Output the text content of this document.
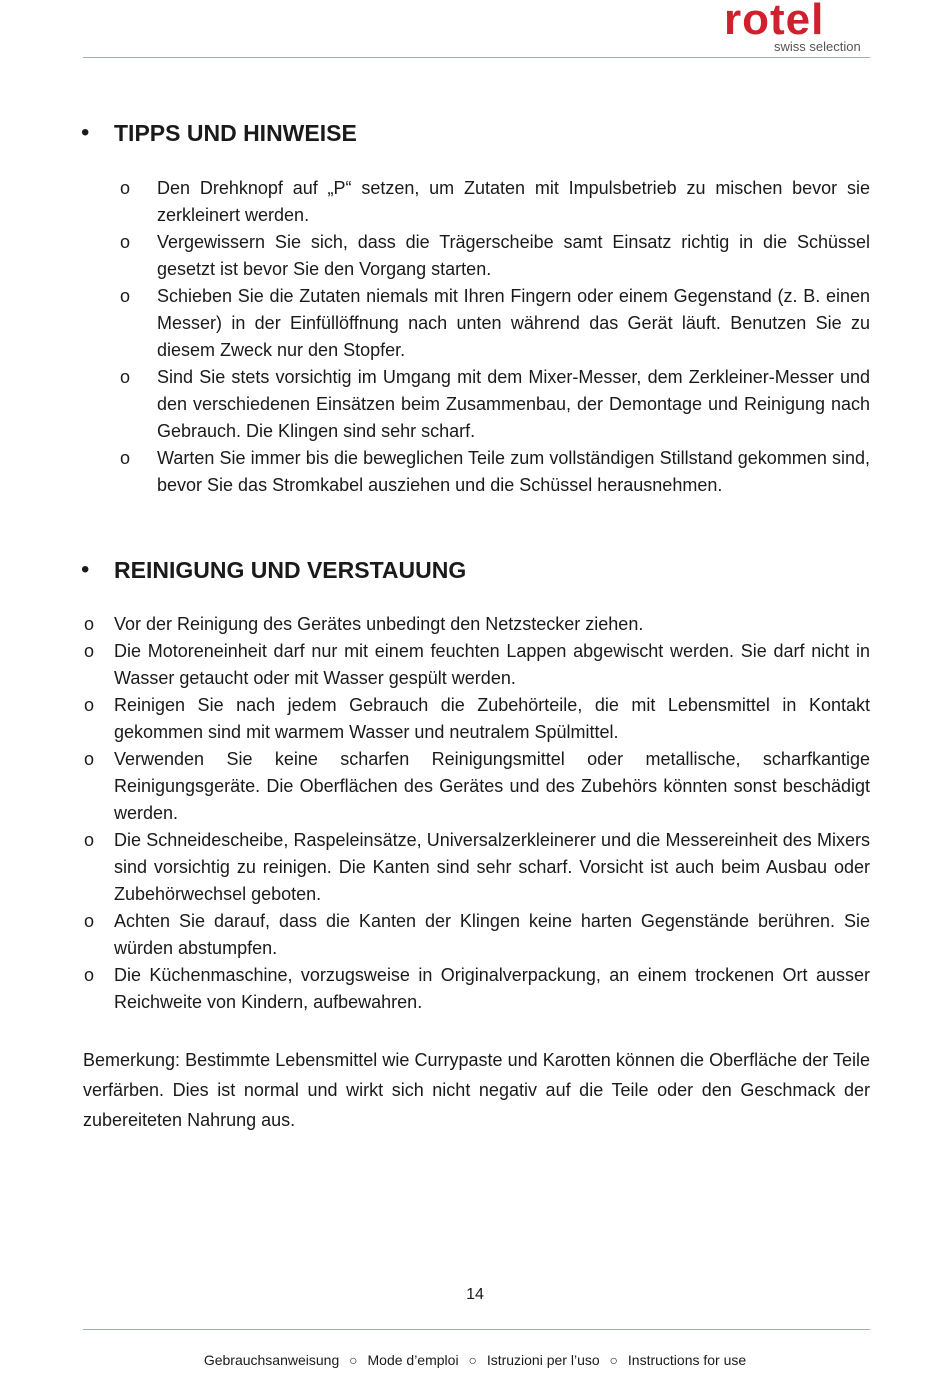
rotel
swiss selection
• TIPPS UND HINWEISE
o Den Drehknopf auf „P“ setzen, um Zutaten mit Impulsbetrieb zu mischen bevor sie zerkleinert werden.

o Vergewissern Sie sich, dass die Trägerscheibe samt Einsatz richtig in die Schüssel gesetzt ist bevor Sie den Vorgang starten.

o Schieben Sie die Zutaten niemals mit Ihren Fingern oder einem Gegenstand (z. B. einen Messer) in der Einfüllöffnung nach unten während das Gerät läuft. Benutzen Sie zu diesem Zweck nur den Stopfer.

o Sind Sie stets vorsichtig im Umgang mit dem Mixer-Messer, dem Zerkleiner-Messer und den verschiedenen Einsätzen beim Zusammenbau, der Demontage und Reinigung nach Gebrauch. Die Klingen sind sehr scharf.

o Warten Sie immer bis die beweglichen Teile zum vollständigen Stillstand gekommen sind, bevor Sie das Stromkabel ausziehen und die Schüssel herausnehmen.

• REINIGUNG UND VERSTAUUNG
o Vor der Reinigung des Gerätes unbedingt den Netzstecker ziehen.

o Die Motoreneinheit darf nur mit einem feuchten Lappen abgewischt werden. Sie darf nicht in Wasser getaucht oder mit Wasser gespült werden.

o Reinigen Sie nach jedem Gebrauch die Zubehörteile, die mit Lebensmittel in Kontakt gekommen sind mit warmem Wasser und neutralem Spülmittel.

o Verwenden Sie keine scharfen Reinigungsmittel oder metallische, scharfkantige Reinigungsgeräte. Die Oberflächen des Gerätes und des Zubehörs könnten sonst beschädigt werden.

o Die Schneidescheibe, Raspeleinsätze, Universalzerkleinerer und die Messereinheit des Mixers sind vorsichtig zu reinigen. Die Kanten sind sehr scharf. Vorsicht ist auch beim Ausbau oder Zubehörwechsel geboten.

o Achten Sie darauf, dass die Kanten der Klingen keine harten Gegenstände berühren. Sie würden abstumpfen.

o Die Küchenmaschine, vorzugsweise in Originalverpackung, an einem trockenen Ort ausser Reichweite von Kindern, aufbewahren.

Bemerkung: Bestimmte Lebensmittel wie Currypaste und Karotten können die Oberfläche der Teile verfärben. Dies ist normal und wirkt sich nicht negativ auf die Teile oder den Geschmack der zubereiteten Nahrung aus.

14
Gebrauchsanweisung ○ Mode d’emploi ○ Istruzioni per l’uso ○ Instructions for use
